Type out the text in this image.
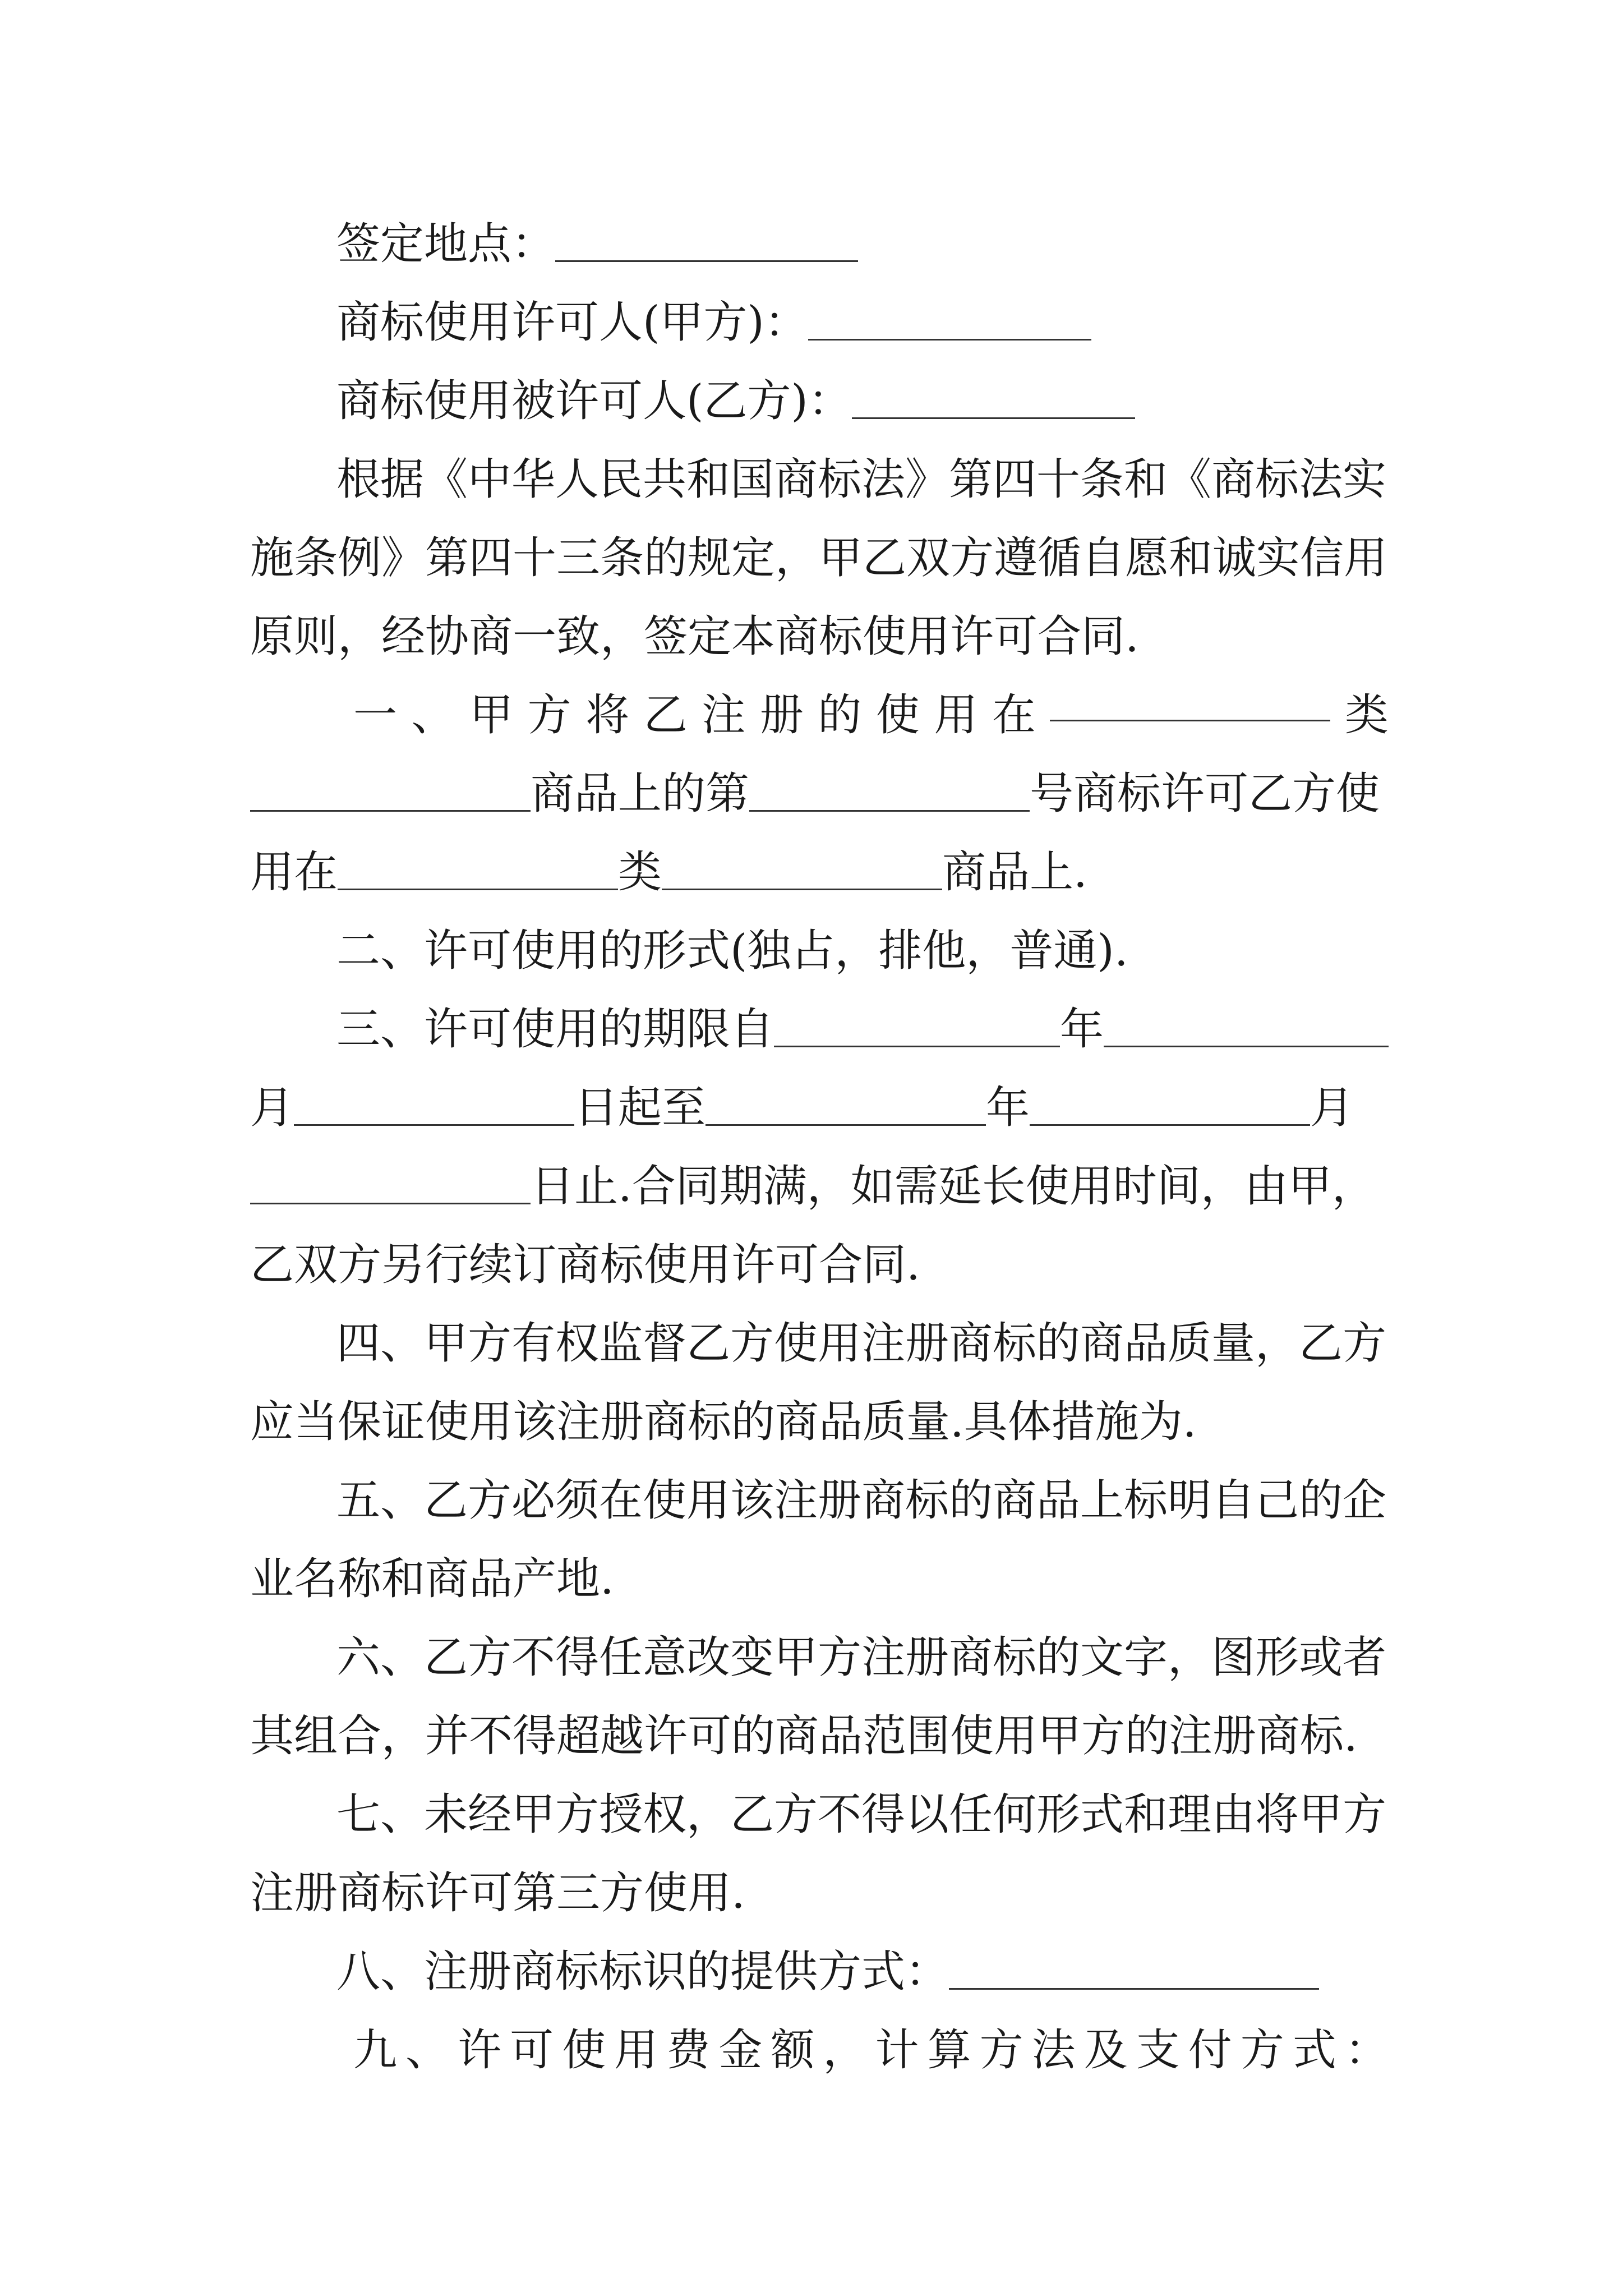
签定地点：
商标使用许可人(甲方)：
商标使用被许可人(乙方)：
根据《中华人民共和国商标法》第四十条和《商标法实
施条例》第四十三条的规定，甲乙双方遵循自愿和诚实信用
原则，经协商一致，签定本商标使用许可合同.
一 、 甲 方 将 乙 注 册 的 使 用 在	类
商品上的第	号商标许可乙方使
用在	类	商品上.
二、许可使用的形式(独占，排他，普通).
三、许可使用的期限自	年
月	日起至	年	月
日止.合同期满，如需延长使用时间，由甲，
乙双方另行续订商标使用许可合同.
四、甲方有权监督乙方使用注册商标的商品质量，乙方
应当保证使用该注册商标的商品质量.具体措施为.
五、乙方必须在使用该注册商标的商品上标明自己的企
业名称和商品产地.
六、乙方不得任意改变甲方注册商标的文字，图形或者
其组合，并不得超越许可的商品范围使用甲方的注册商标.
七、未经甲方授权，乙方不得以任何形式和理由将甲方
注册商标许可第三方使用.
八、注册商标标识的提供方式：
九 、 许 可 使 用 费 金 额 ， 计 算 方 法 及 支 付 方 式 ：
